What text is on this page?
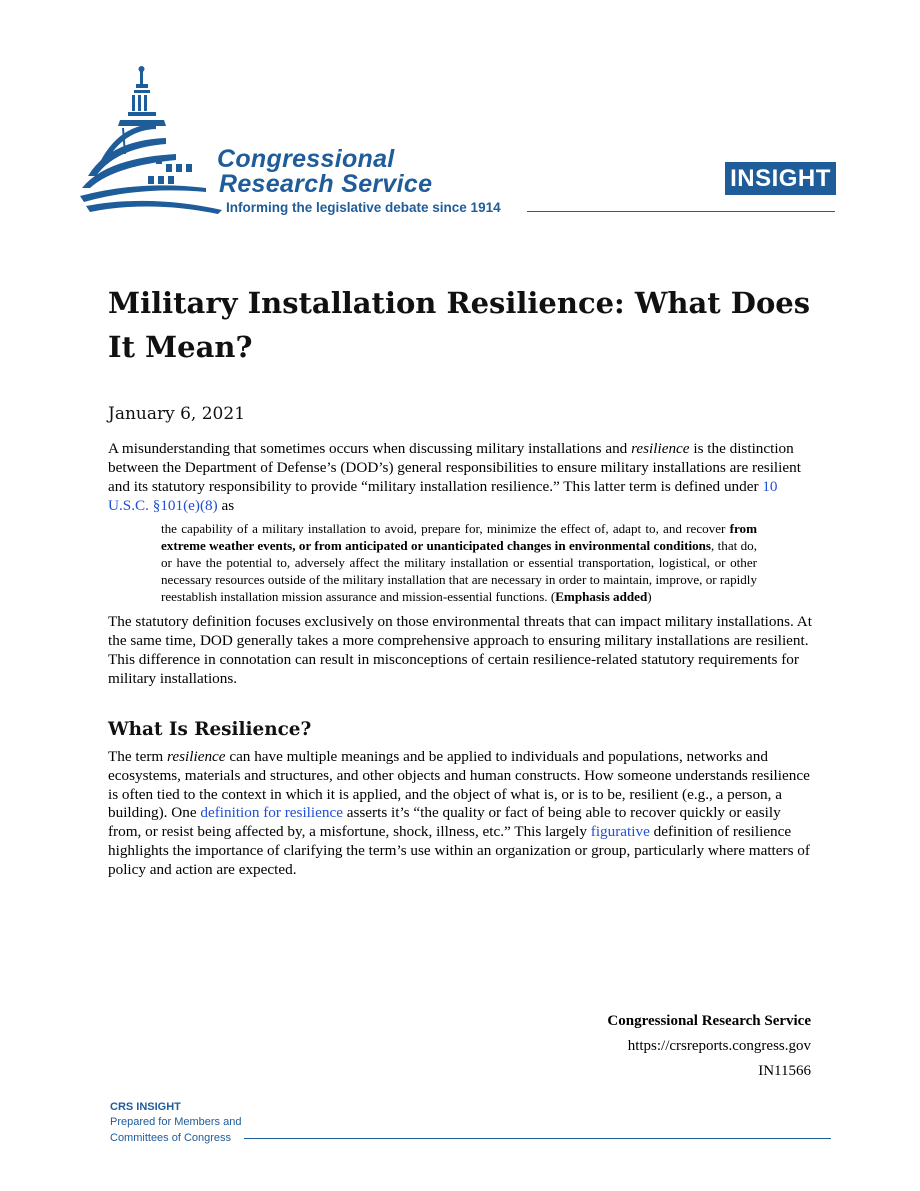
Congressional
Research Service
Informing the legislative debate since 1914
INSIGHT
Military Installation Resilience: What Does It Mean?

January 6, 2021

A misunderstanding that sometimes occurs when discussing military installations and resilience is the distinction between the Department of Defense’s (DOD’s) general responsibilities to ensure military installations are resilient and its statutory responsibility to provide “military installation resilience.” This latter term is defined under 10 U.S.C. §101(e)(8) as

the capability of a military installation to avoid, prepare for, minimize the effect of, adapt to, and recover from extreme weather events, or from anticipated or unanticipated changes in environmental conditions, that do, or have the potential to, adversely affect the military installation or essential transportation, logistical, or other necessary resources outside of the military installation that are necessary in order to maintain, improve, or rapidly reestablish installation mission assurance and mission-essential functions. (Emphasis added)

The statutory definition focuses exclusively on those environmental threats that can impact military installations. At the same time, DOD generally takes a more comprehensive approach to ensuring military installations are resilient. This difference in connotation can result in misconceptions of certain resilience-related statutory requirements for military installations.

What Is Resilience?

The term resilience can have multiple meanings and be applied to individuals and populations, networks and ecosystems, materials and structures, and other objects and human constructs. How someone understands resilience is often tied to the context in which it is applied, and the object of what is, or is to be, resilient (e.g., a person, a building). One definition for resilience asserts it’s “the quality or fact of being able to recover quickly or easily from, or resist being affected by, a misfortune, shock, illness, etc.” This largely figurative definition of resilience highlights the importance of clarifying the term’s use within an organization or group, particularly where matters of policy and action are expected.

Congressional Research Service
https://crsreports.congress.gov
IN11566
CRS INSIGHT
Prepared for Members and
Committees of Congress
